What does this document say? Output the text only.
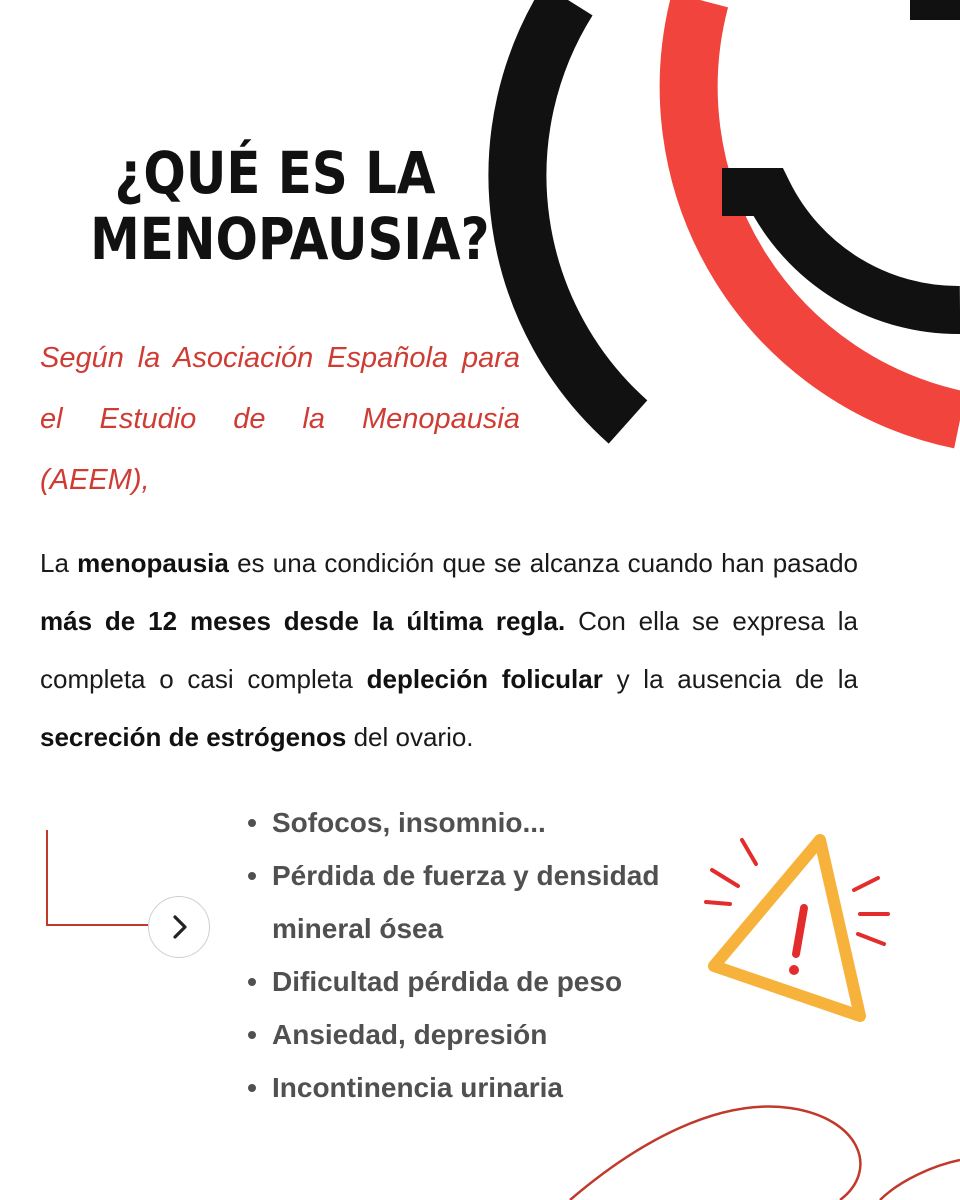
¿QUÉ ES LA
MENOPAUSIA?

Según la Asociación Española para el Estudio de la Menopausia (AEEM),

La menopausia es una condición que se alcanza cuando han pasado más de 12 meses desde la última regla. Con ella se expresa la completa o casi completa depleción folicular y la ausencia de la secreción de estrógenos del ovario.

Sofocos, insomnio...
Pérdida de fuerza y densidad mineral ósea
Dificultad pérdida de peso
Ansiedad, depresión
Incontinencia urinaria
